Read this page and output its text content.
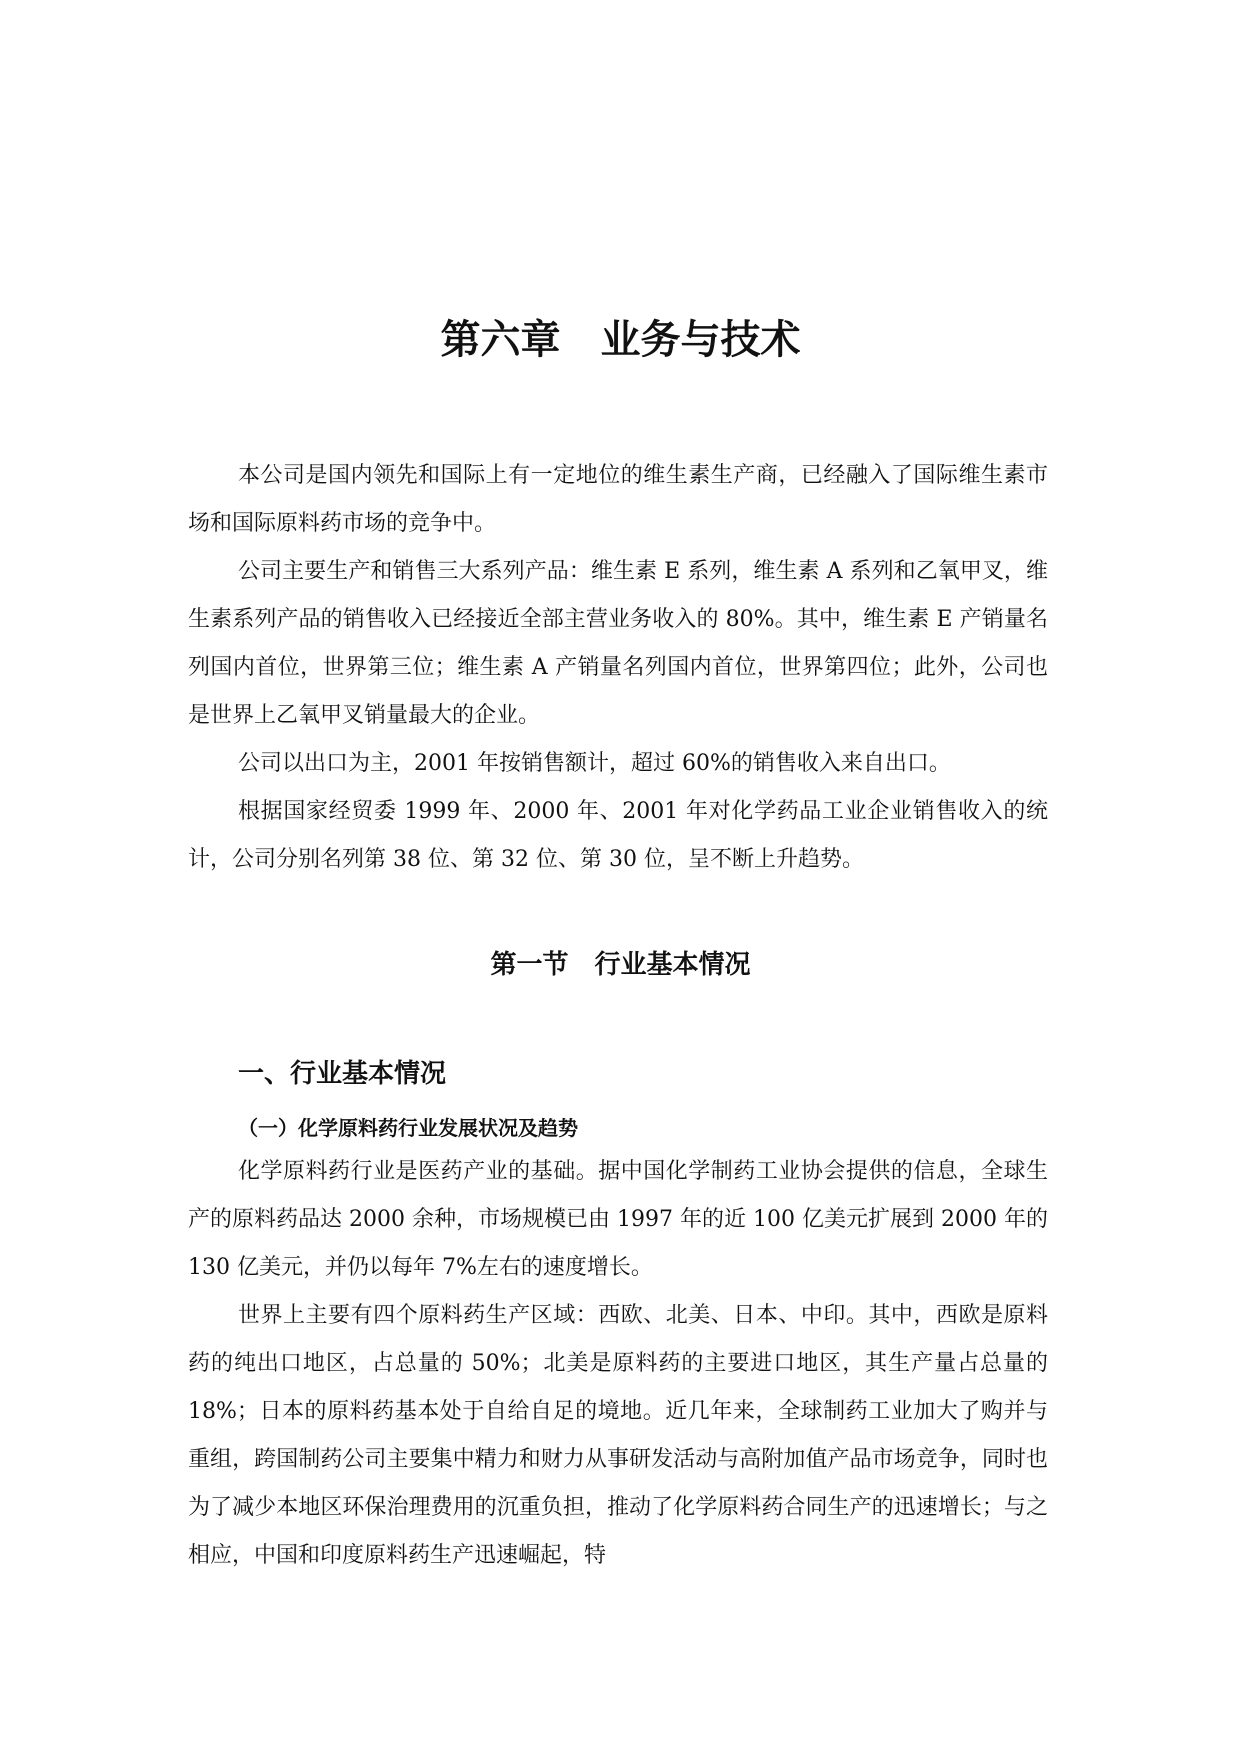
第六章　业务与技术

本公司是国内领先和国际上有一定地位的维生素生产商，已经融入了国际维生素市场和国际原料药市场的竞争中。

公司主要生产和销售三大系列产品：维生素 E 系列，维生素 A 系列和乙氧甲叉，维生素系列产品的销售收入已经接近全部主营业务收入的 80%。其中，维生素 E 产销量名列国内首位，世界第三位；维生素 A 产销量名列国内首位，世界第四位；此外，公司也是世界上乙氧甲叉销量最大的企业。

公司以出口为主，2001 年按销售额计，超过 60%的销售收入来自出口。

根据国家经贸委 1999 年、2000 年、2001 年对化学药品工业企业销售收入的统计，公司分别名列第 38 位、第 32 位、第 30 位，呈不断上升趋势。

第一节　行业基本情况
一、行业基本情况
（一）化学原料药行业发展状况及趋势

化学原料药行业是医药产业的基础。据中国化学制药工业协会提供的信息，全球生产的原料药品达 2000 余种，市场规模已由 1997 年的近 100 亿美元扩展到 2000 年的 130 亿美元，并仍以每年 7%左右的速度增长。

世界上主要有四个原料药生产区域：西欧、北美、日本、中印。其中，西欧是原料药的纯出口地区，占总量的 50%；北美是原料药的主要进口地区，其生产量占总量的 18%；日本的原料药基本处于自给自足的境地。近几年来，全球制药工业加大了购并与重组，跨国制药公司主要集中精力和财力从事研发活动与高附加值产品市场竞争，同时也为了减少本地区环保治理费用的沉重负担，推动了化学原料药合同生产的迅速增长；与之相应，中国和印度原料药生产迅速崛起，特
